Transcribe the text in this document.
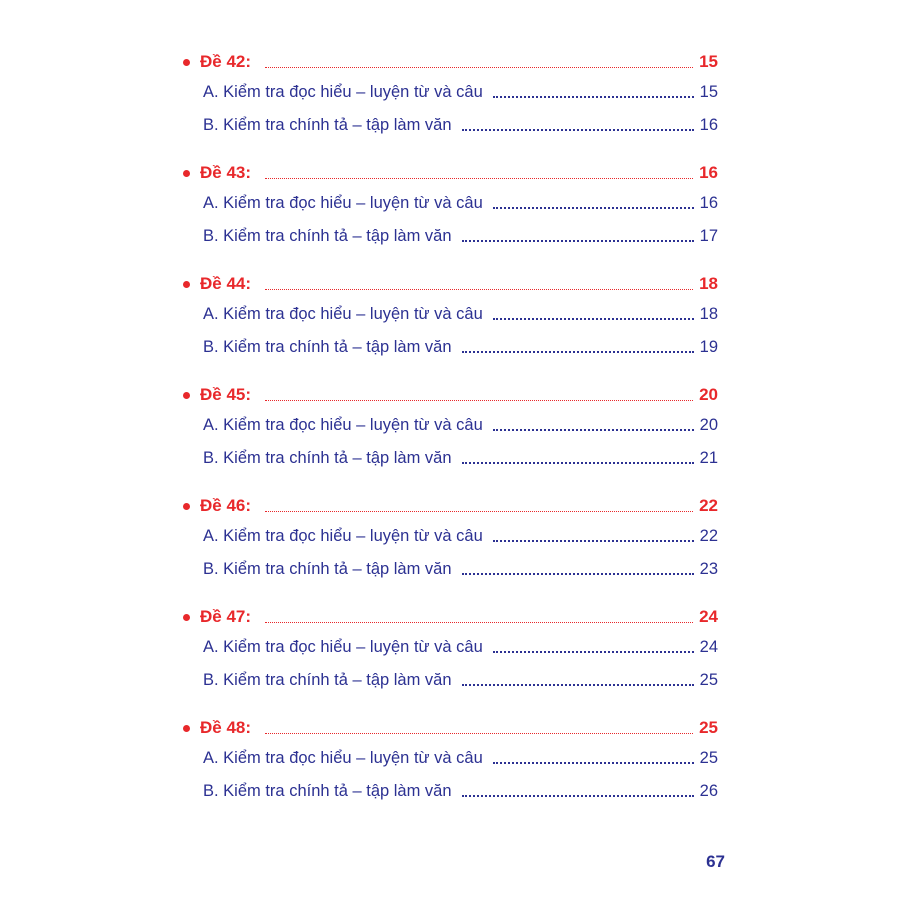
Đề 42:	15
A. Kiểm tra đọc hiểu – luyện từ và câu	15
B. Kiểm tra chính tả – tập làm văn	16
Đề 43:	16
A. Kiểm tra đọc hiểu – luyện từ và câu	16
B. Kiểm tra chính tả – tập làm văn	17
Đề 44:	18
A. Kiểm tra đọc hiểu – luyện từ và câu	18
B. Kiểm tra chính tả – tập làm văn	19
Đề 45:	20
A. Kiểm tra đọc hiểu – luyện từ và câu	20
B. Kiểm tra chính tả – tập làm văn	21
Đề 46:	22
A. Kiểm tra đọc hiểu – luyện từ và câu	22
B. Kiểm tra chính tả – tập làm văn	23
Đề 47:	24
A. Kiểm tra đọc hiểu – luyện từ và câu	24
B. Kiểm tra chính tả – tập làm văn	25
Đề 48:	25
A. Kiểm tra đọc hiểu – luyện từ và câu	25
B. Kiểm tra chính tả – tập làm văn	26
67
